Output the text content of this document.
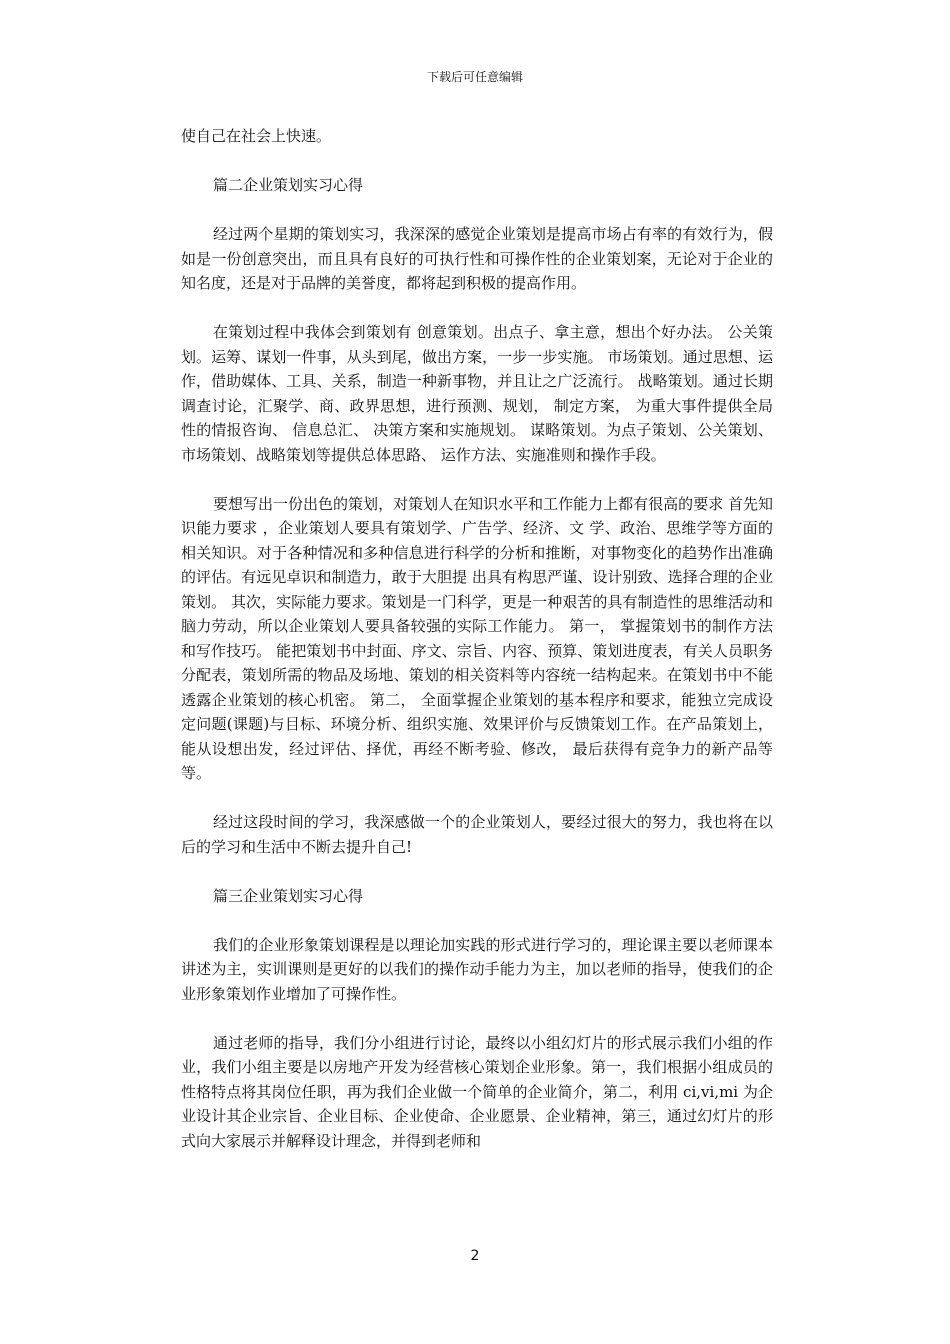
下载后可任意编辑

使自己在社会上快速。

篇二企业策划实习心得

经过两个星期的策划实习，我深深的感觉企业策划是提高市场占有率的有效行为，假如是一份创意突出，而且具有良好的可执行性和可操作性的企业策划案，无论对于企业的知名度，还是对于品牌的美誉度，都将起到积极的提高作用。

在策划过程中我体会到策划有 创意策划。出点子、拿主意，想出个好办法。 公关策划。运筹、谋划一件事，从头到尾，做出方案，一步一步实施。 市场策划。通过思想、运作，借助媒体、工具、关系，制造一种新事物，并且让之广泛流行。 战略策划。通过长期调查讨论，汇聚学、商、政界思想，进行预测、规划， 制定方案， 为重大事件提供全局性的情报咨询、 信息总汇、 决策方案和实施规划。 谋略策划。为点子策划、公关策划、市场策划、战略策划等提供总体思路、 运作方法、实施准则和操作手段。

要想写出一份出色的策划，对策划人在知识水平和工作能力上都有很高的要求 首先知识能力要求 ，企业策划人要具有策划学、广告学、经济、文 学、政治、思维学等方面的相关知识。对于各种情况和多种信息进行科学的分析和推断，对事物变化的趋势作出准确的评估。有远见卓识和制造力，敢于大胆提 出具有构思严谨、设计别致、选择合理的企业策划。 其次，实际能力要求。策划是一门科学，更是一种艰苦的具有制造性的思维活动和脑力劳动，所以企业策划人要具备较强的实际工作能力。 第一， 掌握策划书的制作方法和写作技巧。 能把策划书中封面、序文、宗旨、内容、预算、策划进度表，有关人员职务分配表，策划所需的物品及场地、策划的相关资料等内容统一结构起来。在策划书中不能透露企业策划的核心机密。 第二， 全面掌握企业策划的基本程序和要求，能独立完成设定问题(课题)与目标、环境分析、组织实施、效果评价与反馈策划工作。在产品策划上，能从设想出发，经过评估、择优，再经不断考验、修改， 最后获得有竞争力的新产品等等。

经过这段时间的学习，我深感做一个的企业策划人，要经过很大的努力，我也将在以后的学习和生活中不断去提升自己!

篇三企业策划实习心得

我们的企业形象策划课程是以理论加实践的形式进行学习的，理论课主要以老师课本讲述为主，实训课则是更好的以我们的操作动手能力为主，加以老师的指导，使我们的企业形象策划作业增加了可操作性。

通过老师的指导，我们分小组进行讨论，最终以小组幻灯片的形式展示我们小组的作业，我们小组主要是以房地产开发为经营核心策划企业形象。第一，我们根据小组成员的性格特点将其岗位任职，再为我们企业做一个简单的企业简介，第二，利用 ci,vi,mi 为企业设计其企业宗旨、企业目标、企业使命、企业愿景、企业精神，第三，通过幻灯片的形式向大家展示并解释设计理念，并得到老师和

2
